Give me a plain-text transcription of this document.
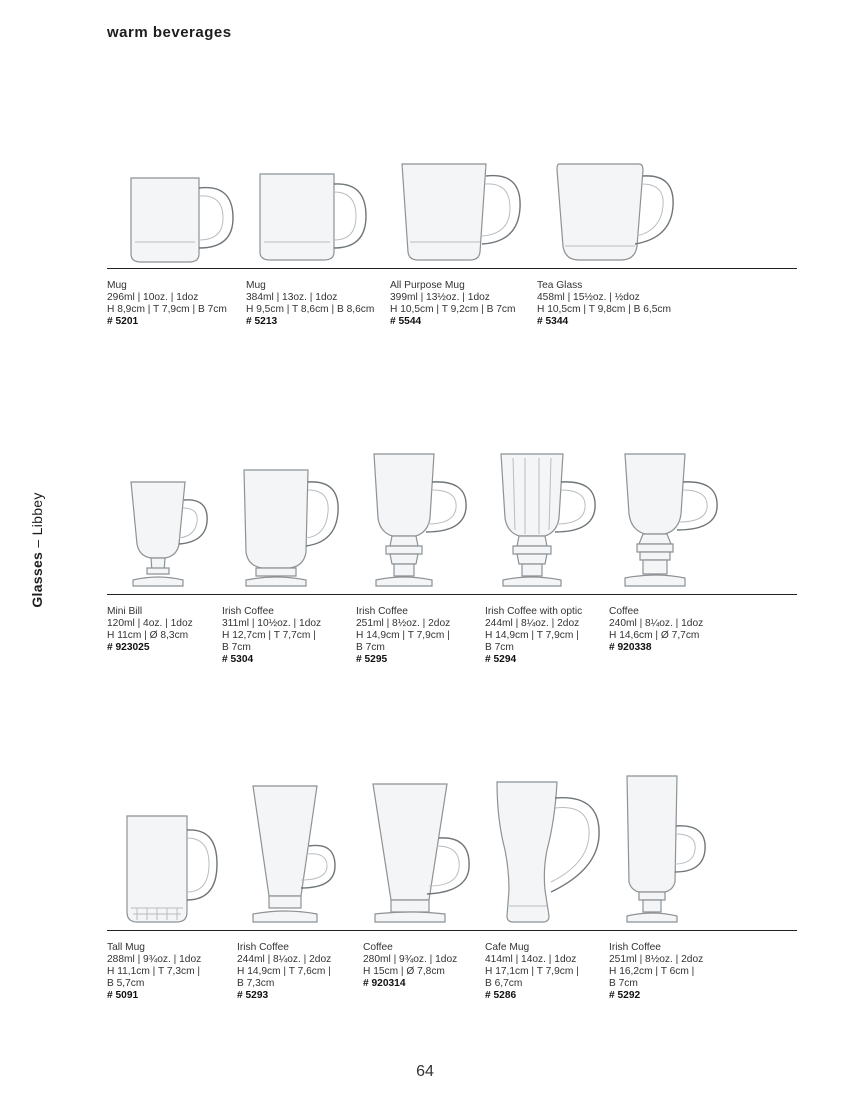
warm beverages
Glasses – Libbey
Mug
296ml | 10oz. | 1doz
H 8,9cm | T 7,9cm | B 7cm
# 5201
Mug
384ml | 13oz. | 1doz
H 9,5cm | T 8,6cm | B 8,6cm
# 5213
All Purpose Mug
399ml | 13½oz. | 1doz
H 10,5cm | T 9,2cm | B 7cm
# 5544
Tea Glass
458ml | 15½oz. | ½doz
H 10,5cm | T 9,8cm | B 6,5cm
# 5344
Mini Bill
120ml | 4oz. | 1doz
H 11cm | Ø 8,3cm
# 923025
Irish Coffee
311ml | 10½oz. | 1doz
H 12,7cm | T 7,7cm |
B 7cm
# 5304
Irish Coffee
251ml | 8½oz. | 2doz
H 14,9cm | T 7,9cm |
B 7cm
# 5295
Irish Coffee with optic
244ml | 8¼oz. | 2doz
H 14,9cm | T 7,9cm |
B 7cm
# 5294
Coffee
240ml | 8¼oz. | 1doz
H 14,6cm | Ø 7,7cm
# 920338
Tall Mug
288ml | 9¾oz. | 1doz
H 11,1cm | T 7,3cm |
B 5,7cm
# 5091
Irish Coffee
244ml | 8¼oz. | 2doz
H 14,9cm | T 7,6cm |
B 7,3cm
# 5293
Coffee
280ml | 9¾oz. | 1doz
H 15cm | Ø 7,8cm
# 920314
Cafe Mug
414ml | 14oz. | 1doz
H 17,1cm | T 7,9cm |
B 6,7cm
# 5286
Irish Coffee
251ml | 8½oz. | 2doz
H 16,2cm | T 6cm |
B 7cm
# 5292
64
